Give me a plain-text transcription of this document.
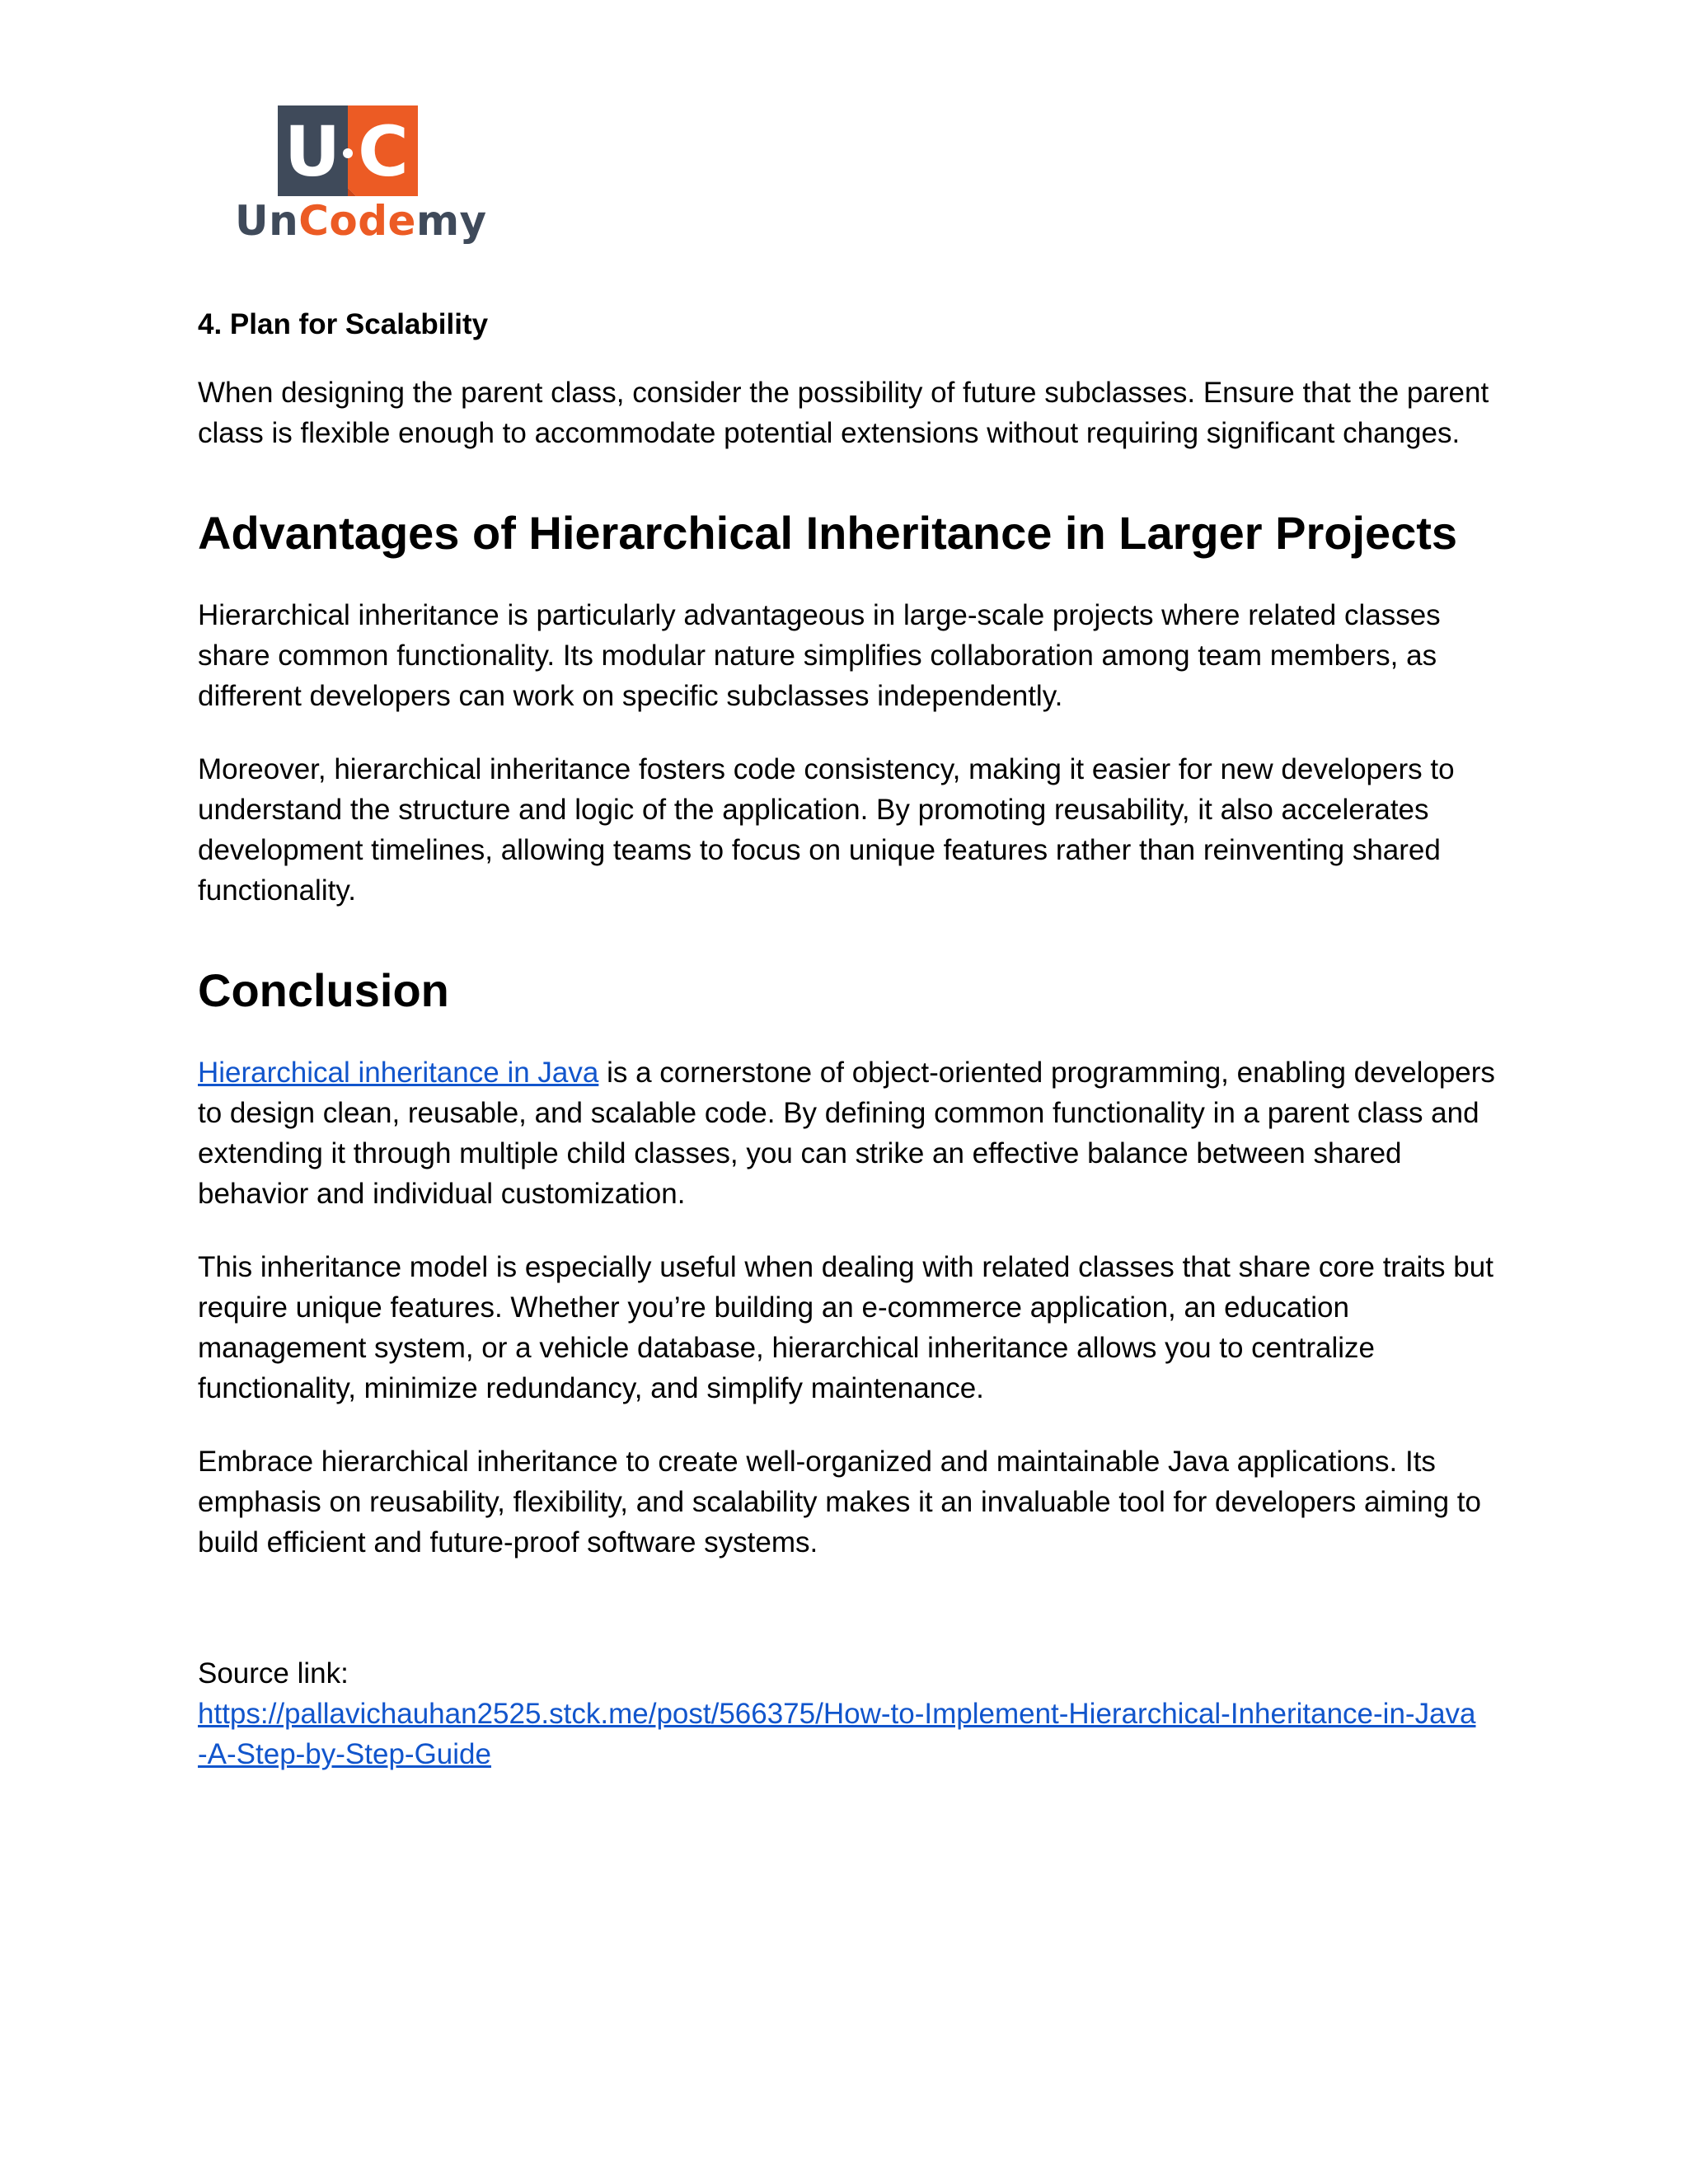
U C
UnCodemy
4. Plan for Scalability

When designing the parent class, consider the possibility of future subclasses. Ensure that the parent class is flexible enough to accommodate potential extensions without requiring significant changes.

Advantages of Hierarchical Inheritance in Larger Projects

Hierarchical inheritance is particularly advantageous in large-scale projects where related classes share common functionality. Its modular nature simplifies collaboration among team members, as different developers can work on specific subclasses independently.

Moreover, hierarchical inheritance fosters code consistency, making it easier for new developers to understand the structure and logic of the application. By promoting reusability, it also accelerates development timelines, allowing teams to focus on unique features rather than reinventing shared functionality.

Conclusion

Hierarchical inheritance in Java is a cornerstone of object-oriented programming, enabling developers to design clean, reusable, and scalable code. By defining common functionality in a parent class and extending it through multiple child classes, you can strike an effective balance between shared behavior and individual customization.

This inheritance model is especially useful when dealing with related classes that share core traits but require unique features. Whether you’re building an e-commerce application, an education management system, or a vehicle database, hierarchical inheritance allows you to centralize functionality, minimize redundancy, and simplify maintenance.

Embrace hierarchical inheritance to create well-organized and maintainable Java applications. Its emphasis on reusability, flexibility, and scalability makes it an invaluable tool for developers aiming to build efficient and future-proof software systems.

Source link:
https://pallavichauhan2525.stck.me/post/566375/How-to-Implement-Hierarchical-Inheritance-in-Java-A-Step-by-Step-Guide
